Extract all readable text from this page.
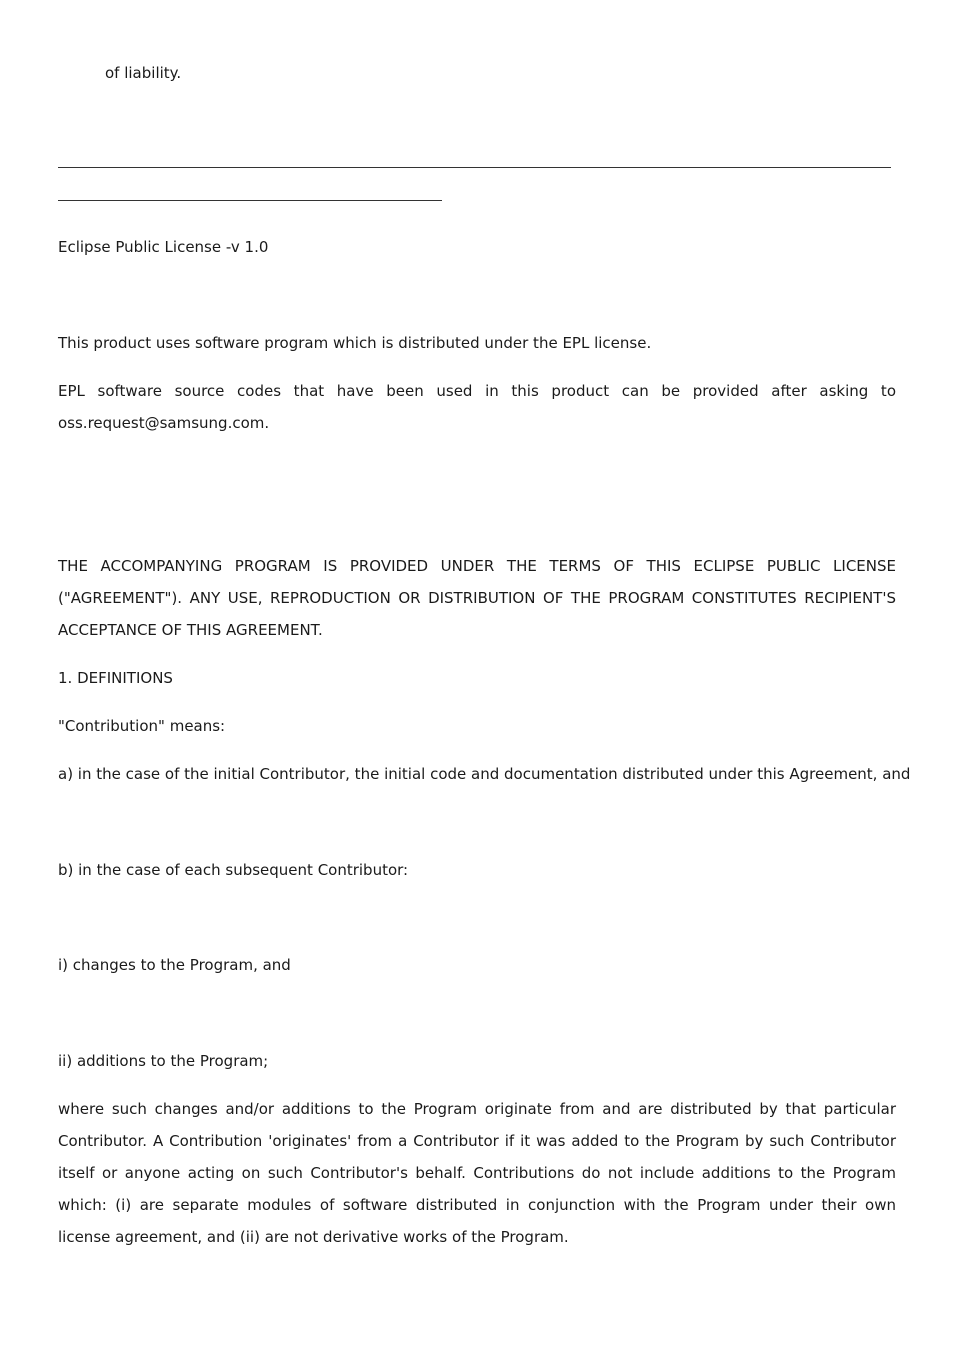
of liability.
Eclipse Public License -v 1.0
This product uses software program which is distributed under the EPL license.
EPL software source codes that have been used in this product can be provided after asking to oss.request@samsung.com.
THE ACCOMPANYING PROGRAM IS PROVIDED UNDER THE TERMS OF THIS ECLIPSE PUBLIC LICENSE ("AGREEMENT"). ANY USE, REPRODUCTION OR DISTRIBUTION OF THE PROGRAM CONSTITUTES RECIPIENT'S ACCEPTANCE OF THIS AGREEMENT.
1. DEFINITIONS
"Contribution" means:
a) in the case of the initial Contributor, the initial code and documentation distributed under this Agreement, and
b) in the case of each subsequent Contributor:
i) changes to the Program, and
ii) additions to the Program;
where such changes and/or additions to the Program originate from and are distributed by that particular Contributor. A Contribution 'originates' from a Contributor if it was added to the Program by such Contributor itself or anyone acting on such Contributor's behalf. Contributions do not include additions to the Program which: (i) are separate modules of software distributed in conjunction with the Program under their own license agreement, and (ii) are not derivative works of the Program.
